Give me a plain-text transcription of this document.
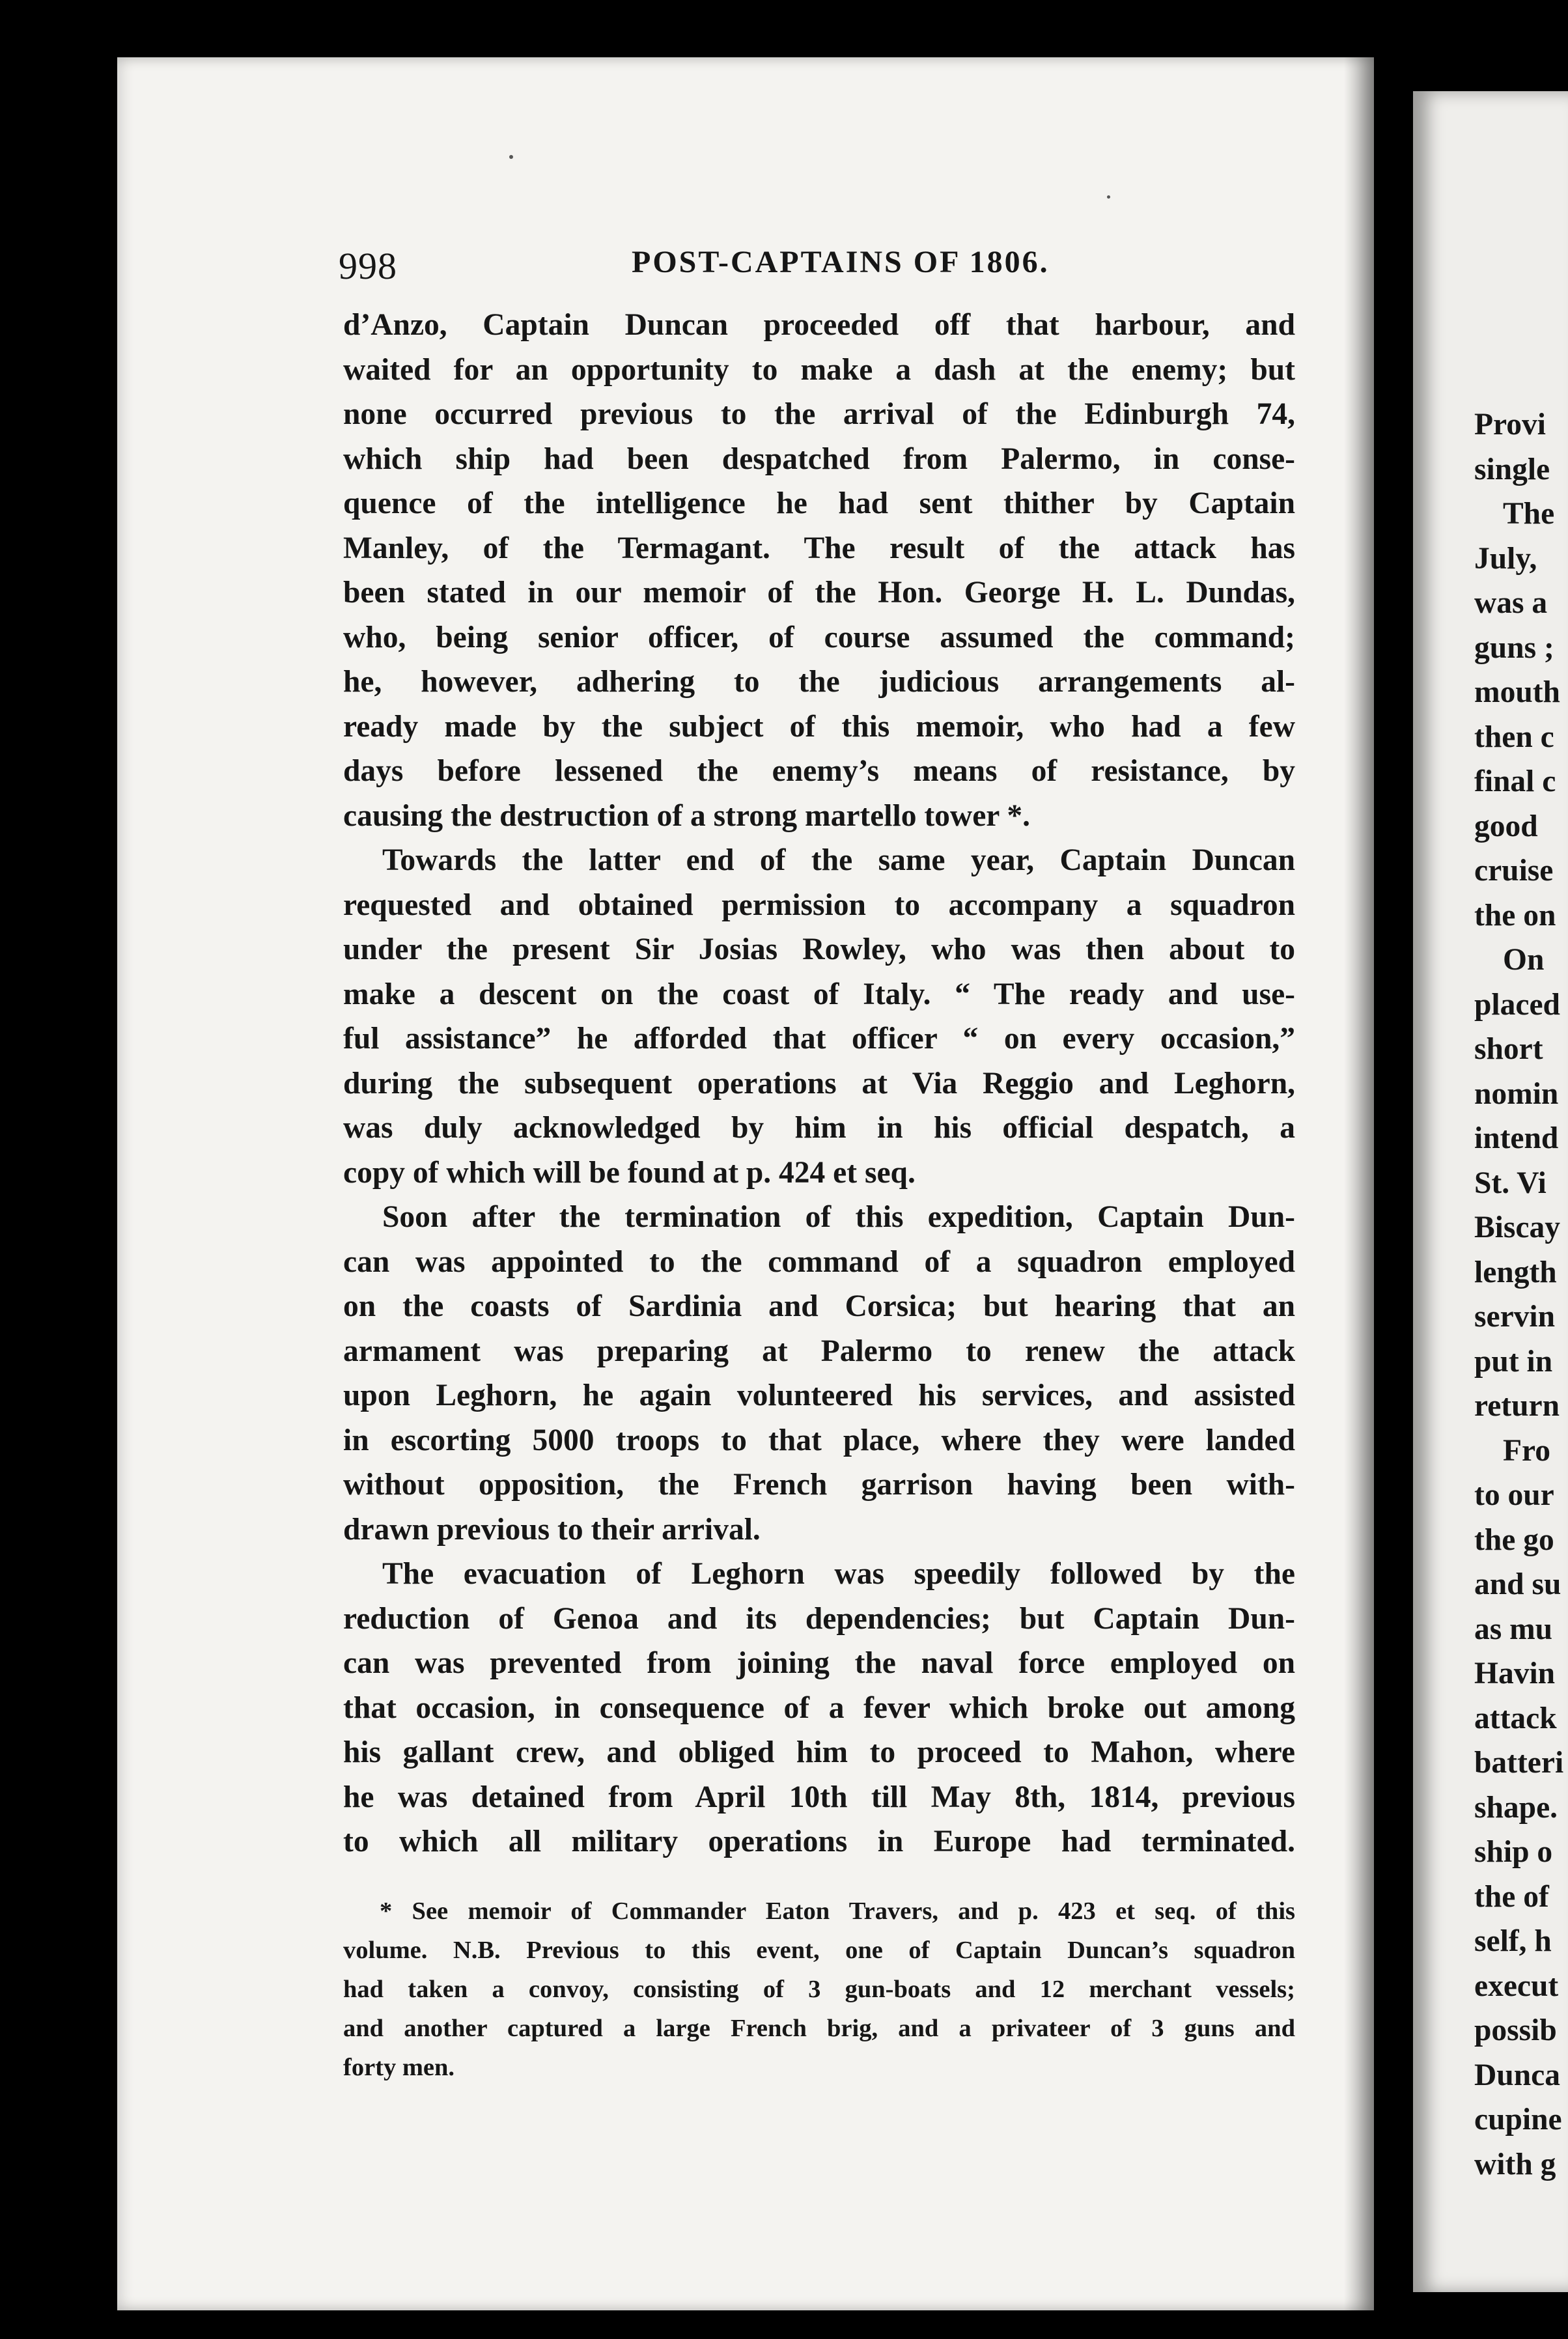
Provi
single
The
July,
was a
guns ;
mouth
then c
final c
good
cruise
the on
On
placed
short
nomin
intend
St. Vi
Biscay
length
servin
put in
return
Fro
to our
the go
and su
as mu
Havin
attack
batteri
shape.
ship o
the of
self, h
execut
possib
Dunca
cupine
with g
998	POST-CAPTAINS OF 1806.
d’Anzo, Captain Duncan proceeded off that harbour, and
waited for an opportunity to make a dash at the enemy; but
none occurred previous to the arrival of the Edinburgh 74,
which ship had been despatched from Palermo, in conse-
quence of the intelligence he had sent thither by Captain
Manley, of the Termagant. The result of the attack has
been stated in our memoir of the Hon. George H. L. Dundas,
who, being senior officer, of course assumed the command;
he, however, adhering to the judicious arrangements al-
ready made by the subject of this memoir, who had a few
days before lessened the enemy’s means of resistance, by
causing the destruction of a strong martello tower *.
Towards the latter end of the same year, Captain Duncan
requested and obtained permission to accompany a squadron
under the present Sir Josias Rowley, who was then about to
make a descent on the coast of Italy. “ The ready and use-
ful assistance” he afforded that officer “ on every occasion,”
during the subsequent operations at Via Reggio and Leghorn,
was duly acknowledged by him in his official despatch, a
copy of which will be found at p. 424 et seq.
Soon after the termination of this expedition, Captain Dun-
can was appointed to the command of a squadron employed
on the coasts of Sardinia and Corsica; but hearing that an
armament was preparing at Palermo to renew the attack
upon Leghorn, he again volunteered his services, and assisted
in escorting 5000 troops to that place, where they were landed
without opposition, the French garrison having been with-
drawn previous to their arrival.
The evacuation of Leghorn was speedily followed by the
reduction of Genoa and its dependencies; but Captain Dun-
can was prevented from joining the naval force employed on
that occasion, in consequence of a fever which broke out among
his gallant crew, and obliged him to proceed to Mahon, where
he was detained from April 10th till May 8th, 1814, previous
to which all military operations in Europe had terminated.
* See memoir of Commander Eaton Travers, and p. 423 et seq. of this
volume. N.B. Previous to this event, one of Captain Duncan’s squadron
had taken a convoy, consisting of 3 gun-boats and 12 merchant vessels;
and another captured a large French brig, and a privateer of 3 guns and
forty men.
